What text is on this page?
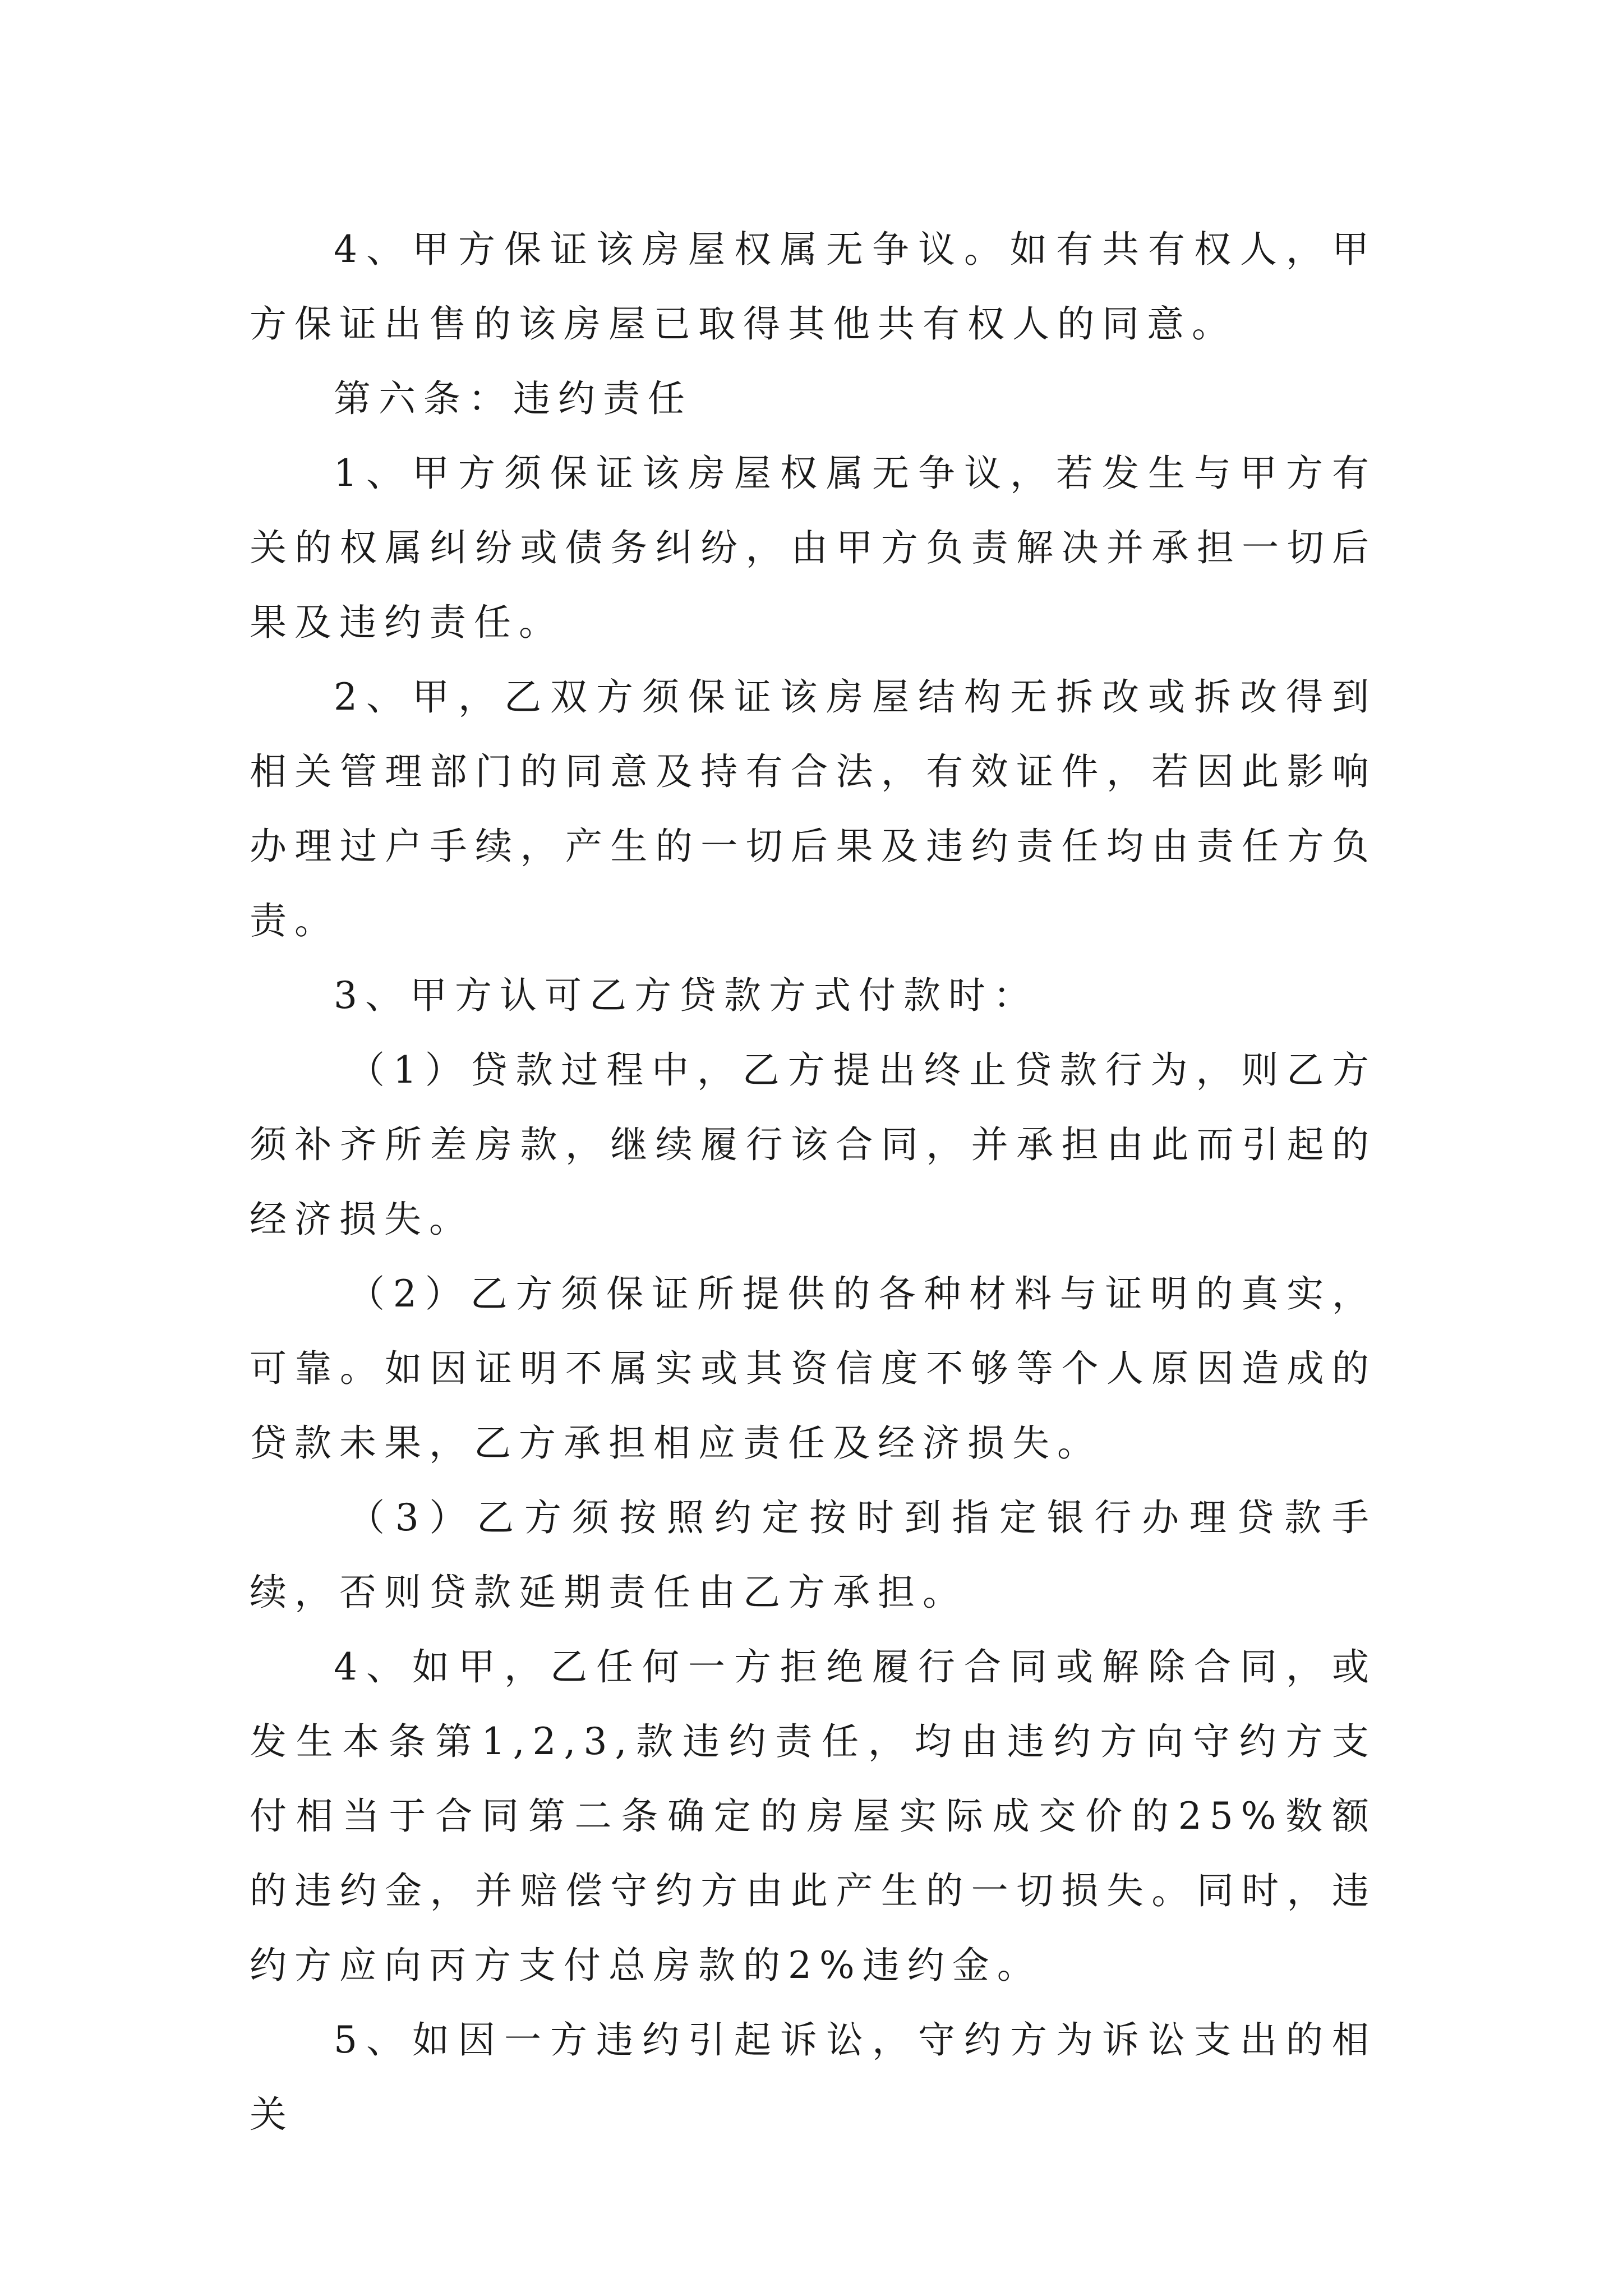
4、甲方保证该房屋权属无争议。如有共有权人，甲方保证出售的该房屋已取得其他共有权人的同意。

第六条：违约责任

1、甲方须保证该房屋权属无争议，若发生与甲方有关的权属纠纷或债务纠纷，由甲方负责解决并承担一切后果及违约责任。

2、甲，乙双方须保证该房屋结构无拆改或拆改得到相关管理部门的同意及持有合法，有效证件，若因此影响办理过户手续，产生的一切后果及违约责任均由责任方负责。

3、甲方认可乙方贷款方式付款时：

（1）贷款过程中，乙方提出终止贷款行为，则乙方须补齐所差房款，继续履行该合同，并承担由此而引起的经济损失。

（2）乙方须保证所提供的各种材料与证明的真实，可靠。如因证明不属实或其资信度不够等个人原因造成的贷款未果，乙方承担相应责任及经济损失。

（3）乙方须按照约定按时到指定银行办理贷款手续，否则贷款延期责任由乙方承担。

4、如甲，乙任何一方拒绝履行合同或解除合同，或发生本条第1,2,3,款违约责任，均由违约方向守约方支付相当于合同第二条确定的房屋实际成交价的25%数额的违约金，并赔偿守约方由此产生的一切损失。同时，违约方应向丙方支付总房款的2%违约金。

5、如因一方违约引起诉讼，守约方为诉讼支出的相关
